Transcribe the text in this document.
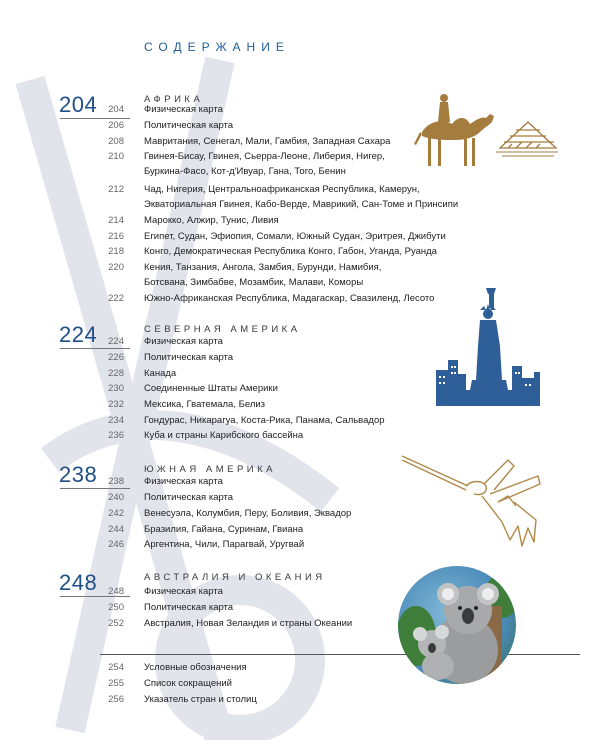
СОДЕРЖАНИЕ
204	АФРИКА
204 Физическая карта
206 Политическая карта
208 Мавритания, Сенегал, Мали, Гамбия, Западная Сахара
210 Гвинея-Бисау, Гвинея, Сьерра-Леоне, Либерия, Нигер,
Буркина-Фасо, Кот-д'Ивуар, Гана, Того, Бенин
212 Чад, Нигерия, Центральноафриканская Республика, Камерун,
Экваториальная Гвинея, Кабо-Верде, Маврикий, Сан-Томе и Принсипи
214 Марокко, Алжир, Тунис, Ливия
216 Египет, Судан, Эфиопия, Сомали, Южный Судан, Эритрея, Джибути
218 Конго, Демократическая Республика Конго, Габон, Уганда, Руанда
220 Кения, Танзания, Ангола, Замбия, Бурунди, Намибия,
Ботсвана, Зимбабве, Мозамбик, Малави, Коморы
222 Южно-Африканская Республика, Мадагаскар, Свазиленд, Лесото
224	СЕВЕРНАЯ АМЕРИКА
224 Физическая карта
226 Политическая карта
228 Канада
230 Соединенные Штаты Америки
232 Мексика, Гватемала, Белиз
234 Гондурас, Никарагуа, Коста-Рика, Панама, Сальвадор
236 Куба и страны Карибского бассейна
238	ЮЖНАЯ АМЕРИКА
238 Физическая карта
240 Политическая карта
242 Венесуэла, Колумбия, Перу, Боливия, Эквадор
244 Бразилия, Гайана, Суринам, Гвиана
246 Аргентина, Чили, Парагвай, Уругвай
248	АВСТРАЛИЯ И ОКЕАНИЯ
248 Физическая карта
250 Политическая карта
252 Австралия, Новая Зеландия и страны Океании
254 Условные обозначения
255 Список сокращений
256 Указатель стран и столиц
